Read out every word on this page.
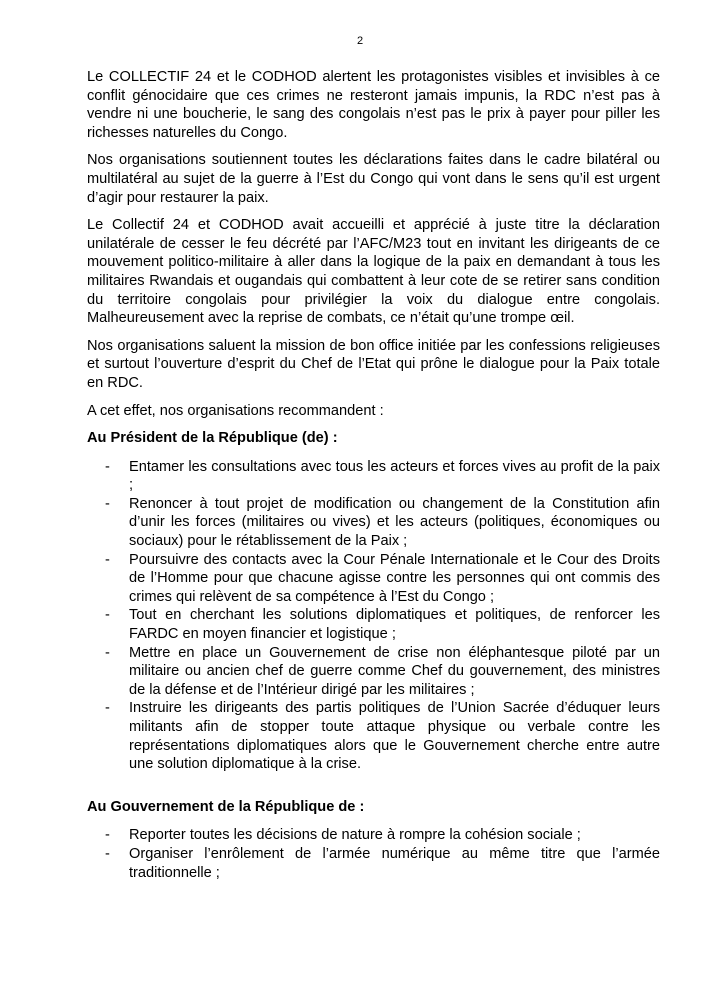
2

Le COLLECTIF 24 et le CODHOD alertent les protagonistes visibles et invisibles à ce conflit génocidaire que ces crimes ne resteront jamais impunis, la RDC n’est pas à vendre ni une boucherie, le sang des congolais n’est pas le prix à payer pour piller les richesses naturelles du Congo.

Nos organisations soutiennent toutes les déclarations faites dans le cadre bilatéral ou multilatéral au sujet de la guerre à l’Est du Congo qui vont dans le sens qu’il est urgent d’agir pour restaurer la paix.

Le Collectif 24 et CODHOD avait accueilli et apprécié à juste titre la déclaration unilatérale de cesser le feu décrété par l’AFC/M23 tout en invitant les dirigeants de ce mouvement politico-militaire à aller dans la logique de la paix en demandant à tous les militaires Rwandais et ougandais qui combattent à leur cote de se retirer sans condition du territoire congolais pour privilégier la voix du dialogue entre congolais. Malheureusement avec la reprise de combats, ce n’était qu’une trompe œil.

Nos organisations saluent la mission de bon office initiée par les confessions religieuses et surtout l’ouverture d’esprit du Chef de l’Etat qui prône le dialogue pour la Paix totale en RDC.

A cet effet, nos organisations recommandent :

Au Président de la République (de) :
- Entamer les consultations avec tous les acteurs et forces vives au profit de la paix ;
- Renoncer à tout projet de modification ou changement de la Constitution afin d’unir les forces (militaires ou vives) et les acteurs (politiques, économiques ou sociaux) pour le rétablissement de la Paix ;
- Poursuivre des contacts avec la Cour Pénale Internationale et le Cour des Droits de l’Homme pour que chacune agisse contre les personnes qui ont commis des crimes qui relèvent de sa compétence à l’Est du Congo ;
- Tout en cherchant les solutions diplomatiques et politiques, de renforcer les FARDC en moyen financier et logistique ;
- Mettre en place un Gouvernement de crise non éléphantesque piloté par un militaire ou ancien chef de guerre comme Chef du gouvernement, des ministres de la défense et de l’Intérieur dirigé par les militaires ;
- Instruire les dirigeants des partis politiques de l’Union Sacrée d’éduquer leurs militants afin de stopper toute attaque physique ou verbale contre les représentations diplomatiques alors que le Gouvernement cherche entre autre une solution diplomatique à la crise.
Au Gouvernement de la République de :
- Reporter toutes les décisions de nature à rompre la cohésion sociale ;
- Organiser l’enrôlement de l’armée numérique au même titre que l’armée traditionnelle ;
